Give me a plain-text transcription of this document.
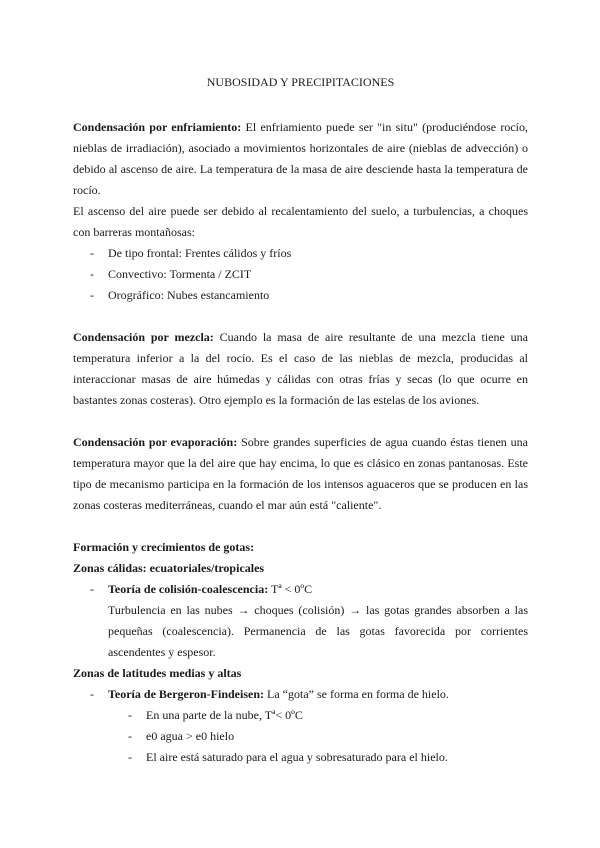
NUBOSIDAD Y PRECIPITACIONES

Condensación por enfriamiento: El enfriamiento puede ser "in situ" (produciéndose rocío, nieblas de irradiación), asociado a movimientos horizontales de aire (nieblas de advección) o debido al ascenso de aire. La temperatura de la masa de aire desciende hasta la temperatura de rocío.

El ascenso del aire puede ser debido al recalentamiento del suelo, a turbulencias, a choques con barreras montañosas:

- De tipo frontal: Frentes cálidos y fríos
- Convectivo: Tormenta / ZCIT
- Orográfico: Nubes estancamiento

Condensación por mezcla: Cuando la masa de aire resultante de una mezcla tiene una temperatura inferior a la del rocío. Es el caso de las nieblas de mezcla, producidas al interaccionar masas de aire húmedas y cálidas con otras frías y secas (lo que ocurre en bastantes zonas costeras). Otro ejemplo es la formación de las estelas de los aviones.

Condensación por evaporación: Sobre grandes superficies de agua cuando éstas tienen una temperatura mayor que la del aire que hay encima, lo que es clásico en zonas pantanosas. Este tipo de mecanismo participa en la formación de los intensos aguaceros que se producen en las zonas costeras mediterráneas, cuando el mar aún está "caliente".

Formación y crecimientos de gotas:

Zonas cálidas: ecuatoriales/tropicales

- Teoría de colisión-coalescencia: Tª < 0ºC
Turbulencia en las nubes → choques (colisión) → las gotas grandes absorben a las pequeñas (coalescencia). Permanencia de las gotas favorecida por corrientes ascendentes y espesor.

Zonas de latitudes medias y altas

- Teoría de Bergeron-Findeisen: La “gota” se forma en forma de hielo.
- En una parte de la nube, Tª< 0ºC
- e0 agua > e0 hielo
- El aire está saturado para el agua y sobresaturado para el hielo.
